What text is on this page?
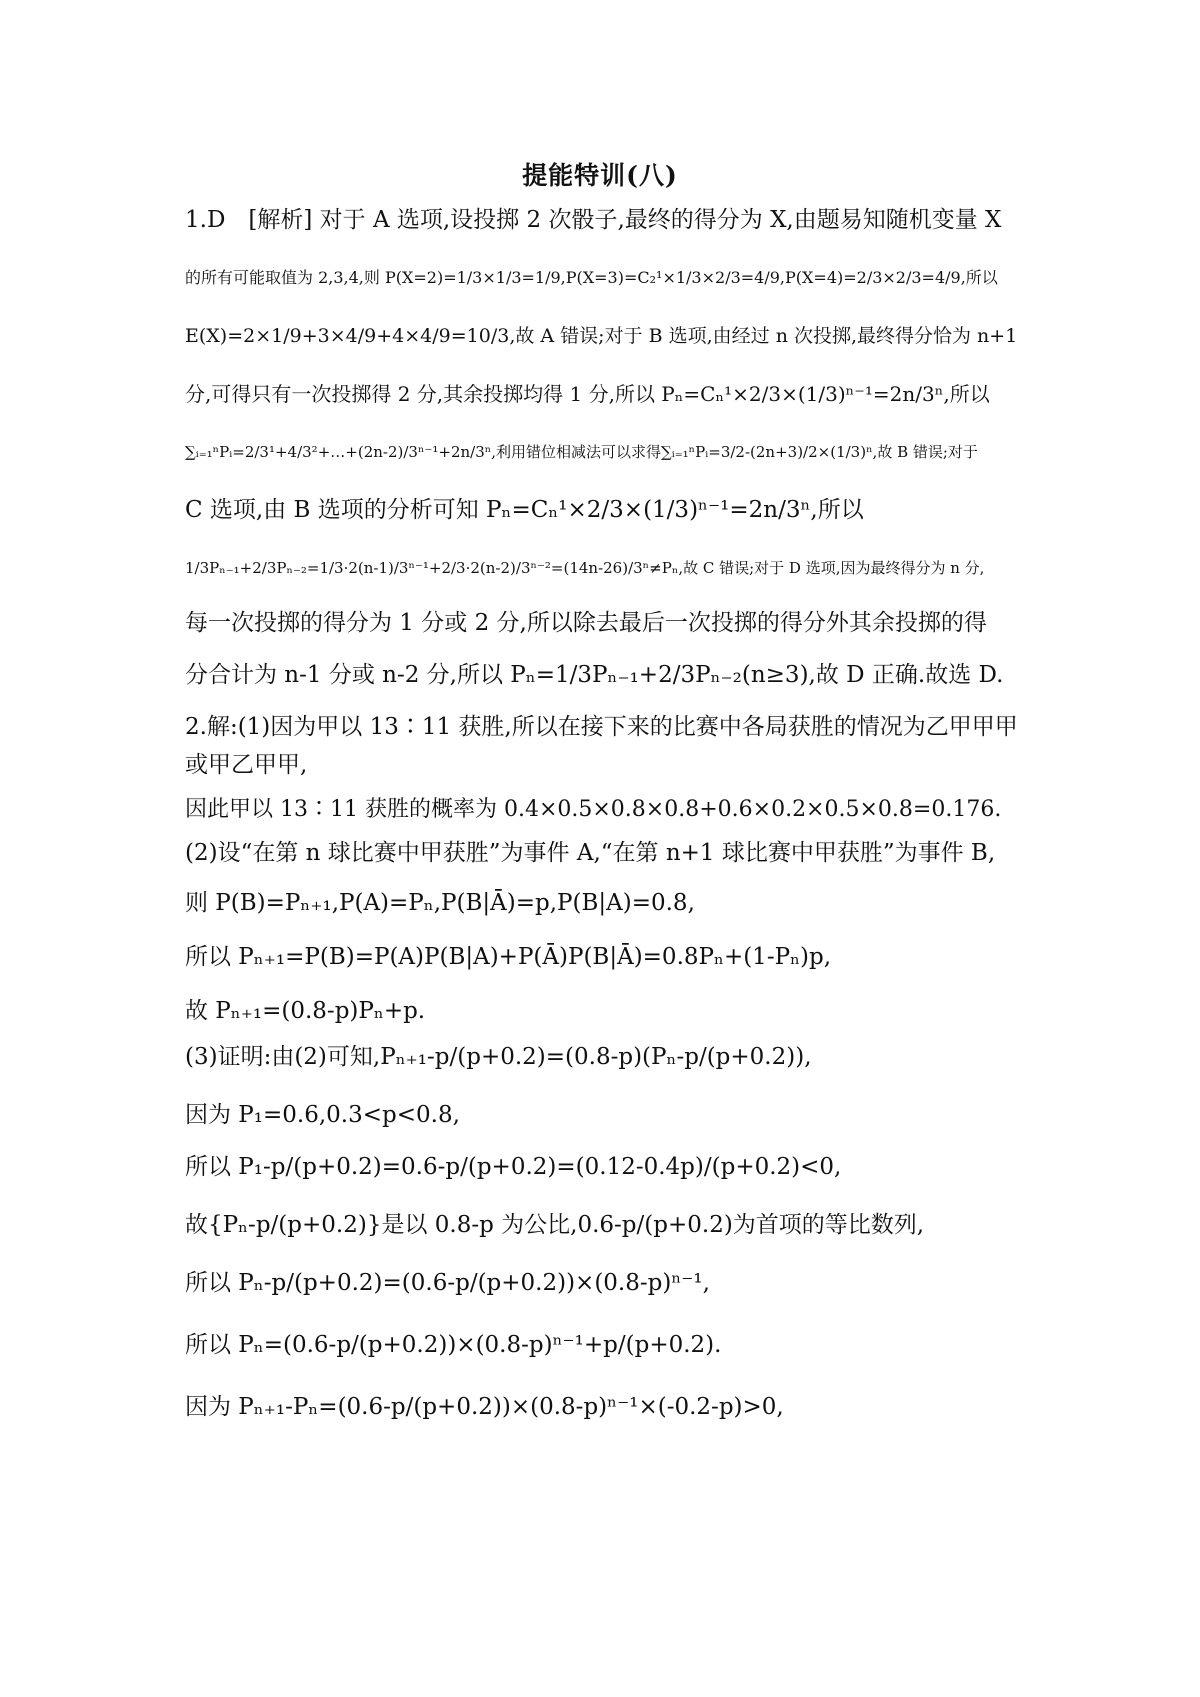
提能特训(八)
1.D　[解析] 对于 A 选项,设投掷 2 次骰子,最终的得分为 X,由题易知随机变量 X
的所有可能取值为 2,3,4,则 P(X=2)=1/3×1/3=1/9,P(X=3)=C₂¹×1/3×2/3=4/9,P(X=4)=2/3×2/3=4/9,所以
E(X)=2×1/9+3×4/9+4×4/9=10/3,故 A 错误;对于 B 选项,由经过 n 次投掷,最终得分恰为 n+1
分,可得只有一次投掷得 2 分,其余投掷均得 1 分,所以 Pₙ=Cₙ¹×2/3×(1/3)ⁿ⁻¹=2n/3ⁿ,所以
∑ᵢ₌₁ⁿPᵢ=2/3¹+4/3²+…+(2n-2)/3ⁿ⁻¹+2n/3ⁿ,利用错位相减法可以求得∑ᵢ₌₁ⁿPᵢ=3/2-(2n+3)/2×(1/3)ⁿ,故 B 错误;对于
C 选项,由 B 选项的分析可知 Pₙ=Cₙ¹×2/3×(1/3)ⁿ⁻¹=2n/3ⁿ,所以
1/3Pₙ₋₁+2/3Pₙ₋₂=1/3·2(n-1)/3ⁿ⁻¹+2/3·2(n-2)/3ⁿ⁻²=(14n-26)/3ⁿ≠Pₙ,故 C 错误;对于 D 选项,因为最终得分为 n 分,
每一次投掷的得分为 1 分或 2 分,所以除去最后一次投掷的得分外其余投掷的得
分合计为 n-1 分或 n-2 分,所以 Pₙ=1/3Pₙ₋₁+2/3Pₙ₋₂(n≥3),故 D 正确.故选 D.
2.解:(1)因为甲以 13∶11 获胜,所以在接下来的比赛中各局获胜的情况为乙甲甲甲
或甲乙甲甲,
因此甲以 13∶11 获胜的概率为 0.4×0.5×0.8×0.8+0.6×0.2×0.5×0.8=0.176.
(2)设“在第 n 球比赛中甲获胜”为事件 A,“在第 n+1 球比赛中甲获胜”为事件 B,
则 P(B)=Pₙ₊₁,P(A)=Pₙ,P(B|Ā)=p,P(B|A)=0.8,
所以 Pₙ₊₁=P(B)=P(A)P(B|A)+P(Ā)P(B|Ā)=0.8Pₙ+(1-Pₙ)p,
故 Pₙ₊₁=(0.8-p)Pₙ+p.
(3)证明:由(2)可知,Pₙ₊₁-p/(p+0.2)=(0.8-p)(Pₙ-p/(p+0.2)),
因为 P₁=0.6,0.3<p<0.8,
所以 P₁-p/(p+0.2)=0.6-p/(p+0.2)=(0.12-0.4p)/(p+0.2)<0,
故{Pₙ-p/(p+0.2)}是以 0.8-p 为公比,0.6-p/(p+0.2)为首项的等比数列,
所以 Pₙ-p/(p+0.2)=(0.6-p/(p+0.2))×(0.8-p)ⁿ⁻¹,
所以 Pₙ=(0.6-p/(p+0.2))×(0.8-p)ⁿ⁻¹+p/(p+0.2).
因为 Pₙ₊₁-Pₙ=(0.6-p/(p+0.2))×(0.8-p)ⁿ⁻¹×(-0.2-p)>0,
